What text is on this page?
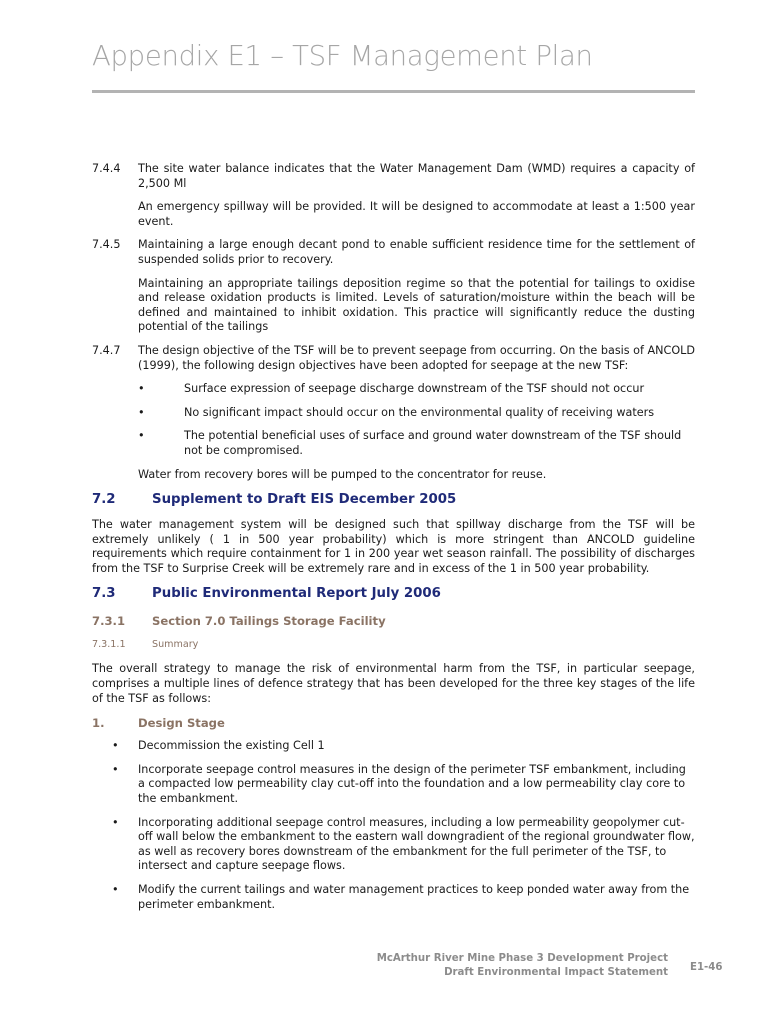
Appendix E1 – TSF Management Plan
7.4.4	The site water balance indicates that the Water Management Dam (WMD) requires a capacity of 2,500 Ml
An emergency spillway will be provided. It will be designed to accommodate at least a 1:500 year event.
7.4.5	Maintaining a large enough decant pond to enable sufficient residence time for the settlement of suspended solids prior to recovery.
Maintaining an appropriate tailings deposition regime so that the potential for tailings to oxidise and release oxidation products is limited. Levels of saturation/moisture within the beach will be defined and maintained to inhibit oxidation. This practice will significantly reduce the dusting potential of the tailings
7.4.7	The design objective of the TSF will be to prevent seepage from occurring. On the basis of ANCOLD (1999), the following design objectives have been adopted for seepage at the new TSF:
•	Surface expression of seepage discharge downstream of the TSF should not occur
•	No significant impact should occur on the environmental quality of receiving waters
•	The potential beneficial uses of surface and ground water downstream of the TSF should not be compromised.
Water from recovery bores will be pumped to the concentrator for reuse.
7.2	Supplement to Draft EIS December 2005
The water management system will be designed such that spillway discharge from the TSF will be extremely unlikely ( 1 in 500 year probability) which is more stringent than ANCOLD guideline requirements which require containment for 1 in 200 year wet season rainfall. The possibility of discharges from the TSF to Surprise Creek will be extremely rare and in excess of the 1 in 500 year probability.
7.3	Public Environmental Report July 2006
7.3.1	Section 7.0 Tailings Storage Facility
7.3.1.1	Summary
The overall strategy to manage the risk of environmental harm from the TSF, in particular seepage, comprises a multiple lines of defence strategy that has been developed for the three key stages of the life of the TSF as follows:
1.	Design Stage
•	Decommission the existing Cell 1
•	Incorporate seepage control measures in the design of the perimeter TSF embankment, including a compacted low permeability clay cut-off into the foundation and a low permeability clay core to the embankment.
•	Incorporating additional seepage control measures, including a low permeability geopolymer cut-off wall below the embankment to the eastern wall downgradient of the regional groundwater flow, as well as recovery bores downstream of the embankment for the full perimeter of the TSF, to intersect and capture seepage flows.
•	Modify the current tailings and water management practices to keep ponded water away from the perimeter embankment.
McArthur River Mine Phase 3 Development Project
Draft Environmental Impact Statement E1-46
